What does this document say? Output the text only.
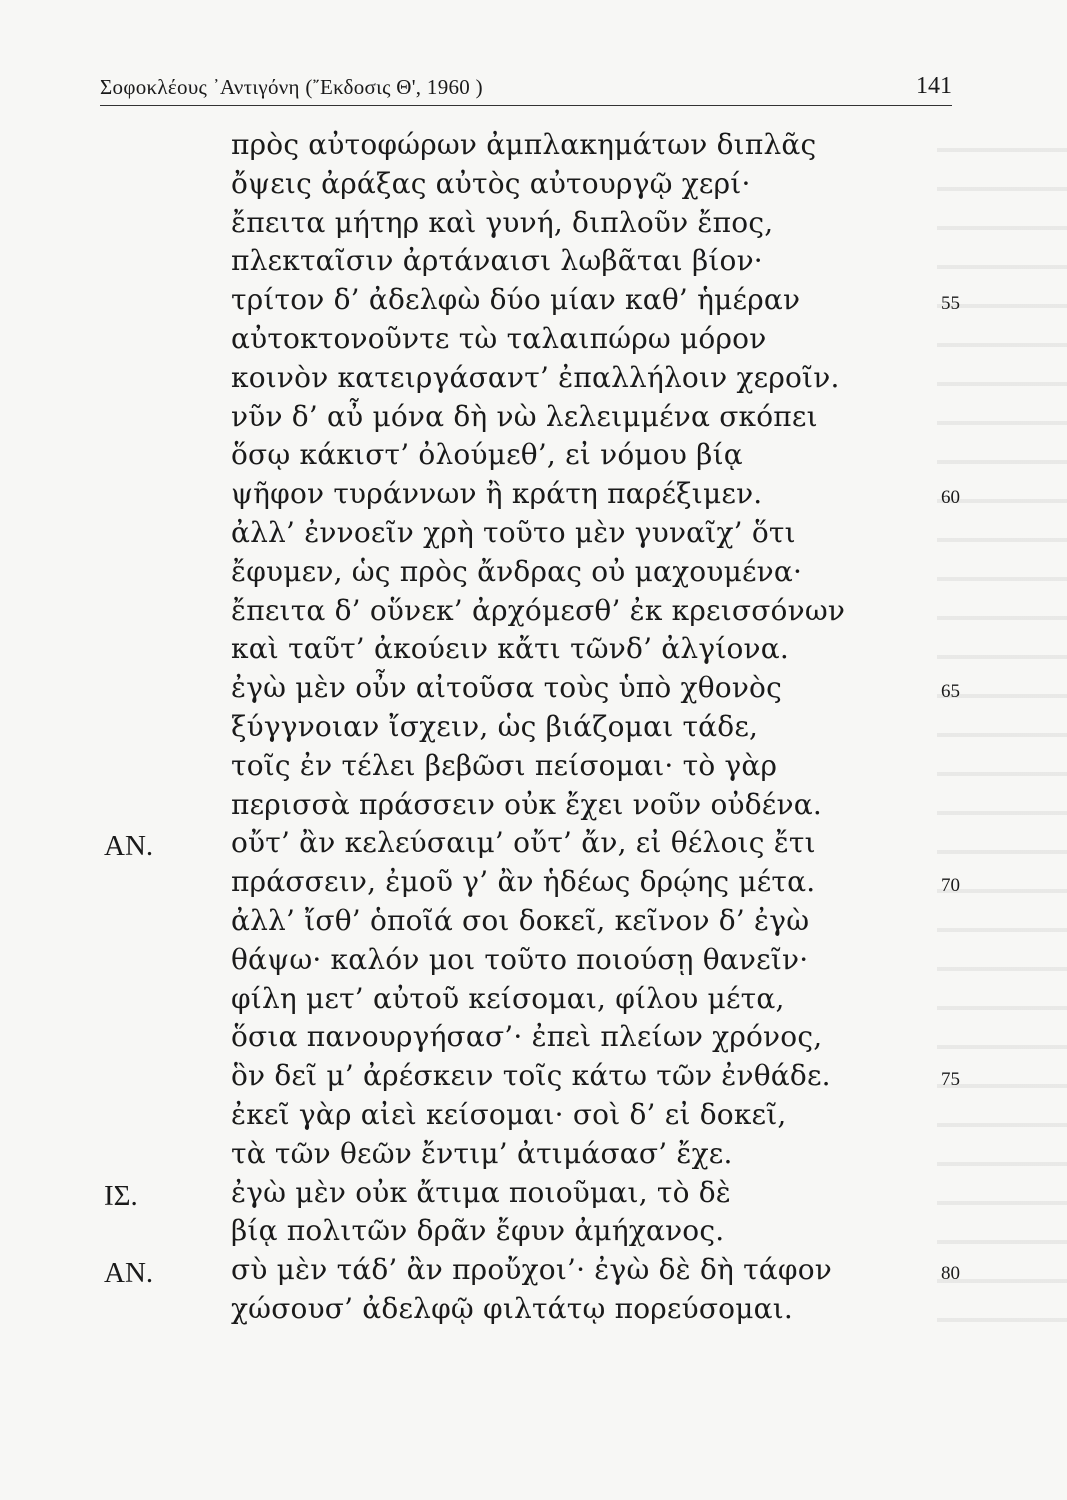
Σοφοκλέους ᾿Αντιγόνη (῎Εκδοσις Θ', 1960 )	141
πρὸς αὐτοφώρων ἀμπλακημάτων διπλᾶς
ὄψεις ἀράξας αὐτὸς αὐτουργῷ χερί·
ἔπειτα μήτηρ καὶ γυνή, διπλοῦν ἔπος,
πλεκταῖσιν ἀρτάναισι λωβᾶται βίον·
τρίτον δ’ ἀδελφὼ δύο μίαν καθ’ ἡμέραν	55
αὐτοκτονοῦντε τὼ ταλαιπώρω μόρον
κοινὸν κατειργάσαντ’ ἐπαλλήλοιν χεροῖν.
νῦν δ’ αὖ μόνα δὴ νὼ λελειμμένα σκόπει
ὅσῳ κάκιστ’ ὀλούμεθ’, εἰ νόμου βίᾳ
ψῆφον τυράννων ἢ κράτη παρέξιμεν.	60
ἀλλ’ ἐννοεῖν χρὴ τοῦτο μὲν γυναῖχ’ ὅτι
ἔφυμεν, ὡς πρὸς ἄνδρας οὐ μαχουμένα·
ἔπειτα δ’ οὕνεκ’ ἀρχόμεσθ’ ἐκ κρεισσόνων
καὶ ταῦτ’ ἀκούειν κἄτι τῶνδ’ ἀλγίονα.
ἐγὼ μὲν οὖν αἰτοῦσα τοὺς ὑπὸ χθονὸς	65
ξύγγνοιαν ἴσχειν, ὡς βιάζομαι τάδε,
τοῖς ἐν τέλει βεβῶσι πείσομαι· τὸ γὰρ
περισσὰ πράσσειν οὐκ ἔχει νοῦν οὐδένα.
ΑΝ.	οὔτ’ ἂν κελεύσαιμ’ οὔτ’ ἄν, εἰ θέλοις ἔτι
πράσσειν, ἐμοῦ γ’ ἂν ἡδέως δρῴης μέτα.	70
ἀλλ’ ἴσθ’ ὁποῖά σοι δοκεῖ, κεῖνον δ’ ἐγὼ
θάψω· καλόν μοι τοῦτο ποιούσῃ θανεῖν·
φίλη μετ’ αὐτοῦ κείσομαι, φίλου μέτα,
ὅσια πανουργήσασ’· ἐπεὶ πλείων χρόνος,
ὃν δεῖ μ’ ἀρέσκειν τοῖς κάτω τῶν ἐνθάδε.	75
ἐκεῖ γὰρ αἰεὶ κείσομαι· σοὶ δ’ εἰ δοκεῖ,
τὰ τῶν θεῶν ἔντιμ’ ἀτιμάσασ’ ἔχε.
ΙΣ.	ἐγὼ μὲν οὐκ ἄτιμα ποιοῦμαι, τὸ δὲ
βίᾳ πολιτῶν δρᾶν ἔφυν ἀμήχανος.
ΑΝ.	σὺ μὲν τάδ’ ἂν προὔχοι’· ἐγὼ δὲ δὴ τάφον	80
χώσουσ’ ἀδελφῷ φιλτάτῳ πορεύσομαι.
